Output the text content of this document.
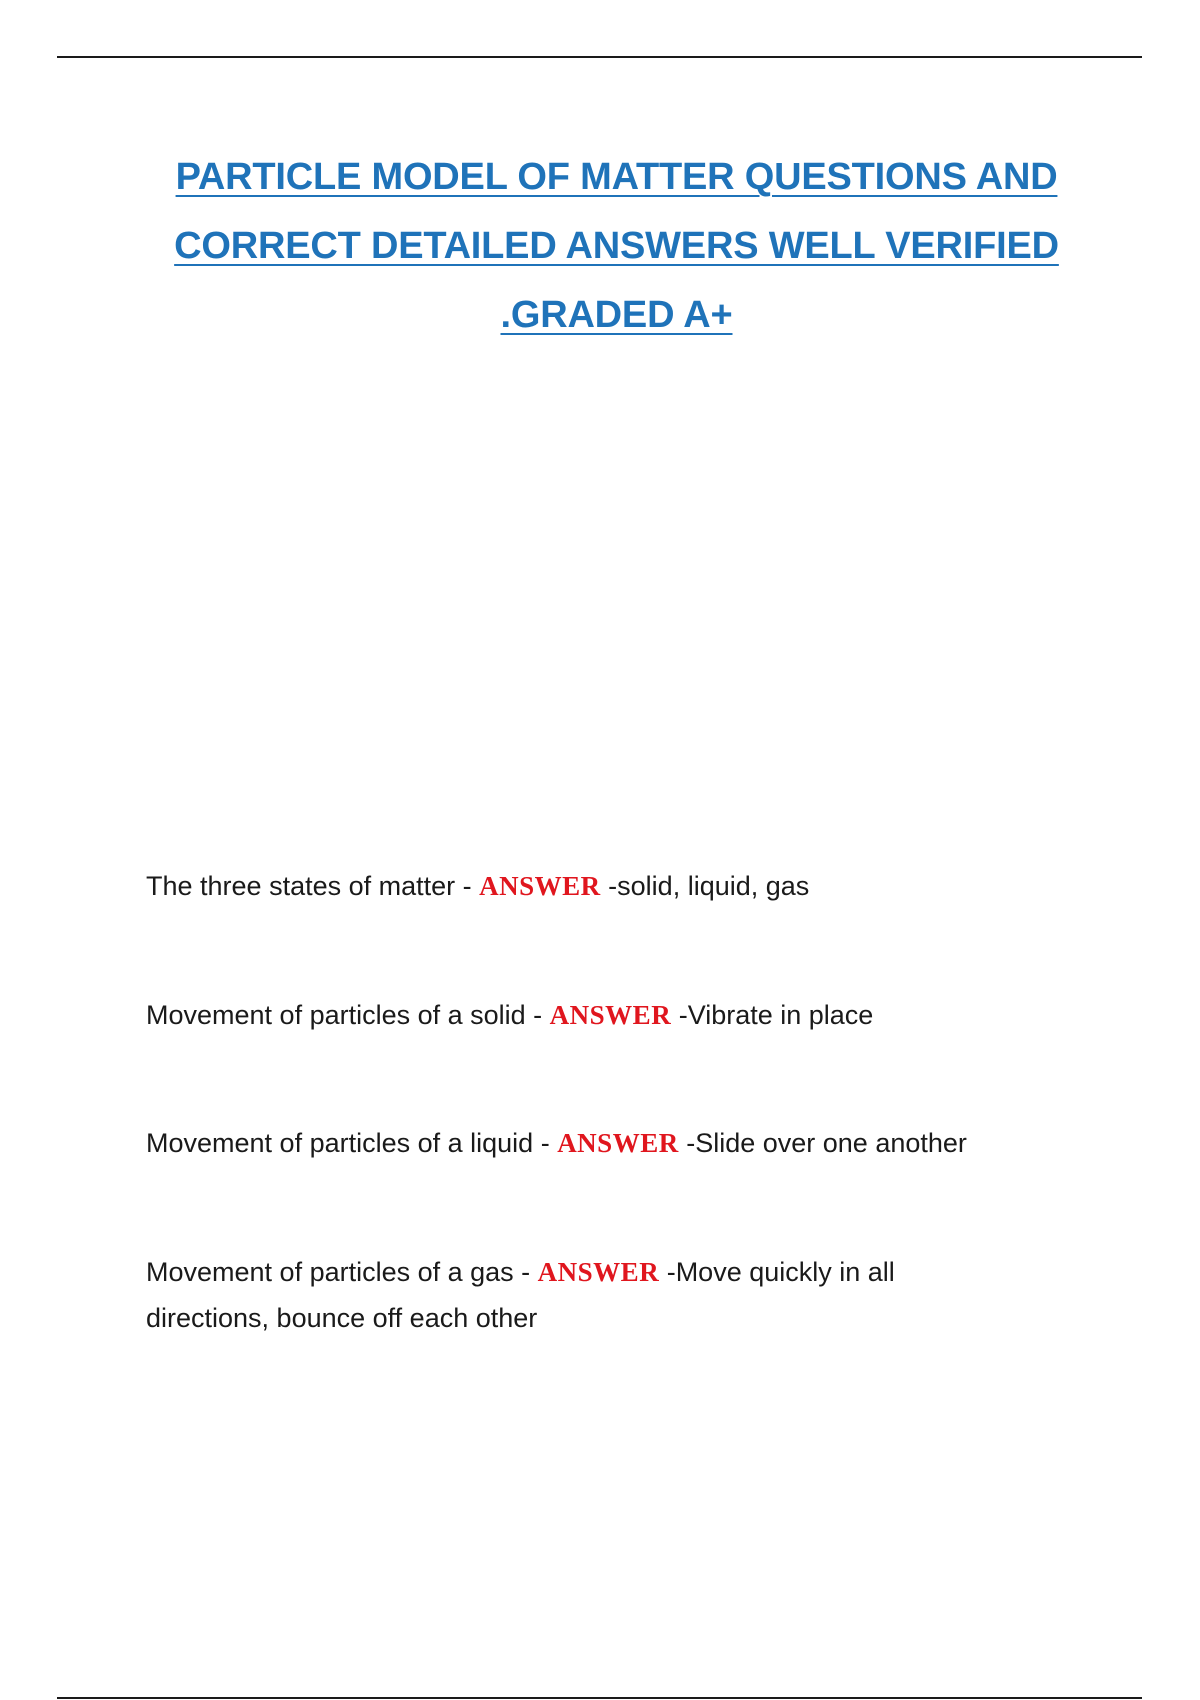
PARTICLE MODEL OF MATTER QUESTIONS AND CORRECT DETAILED ANSWERS WELL VERIFIED .GRADED A+
The three states of matter - ANSWER -solid, liquid, gas
Movement of particles of a solid - ANSWER -Vibrate in place
Movement of particles of a liquid - ANSWER -Slide over one another
Movement of particles of a gas - ANSWER -Move quickly in all directions, bounce off each other
